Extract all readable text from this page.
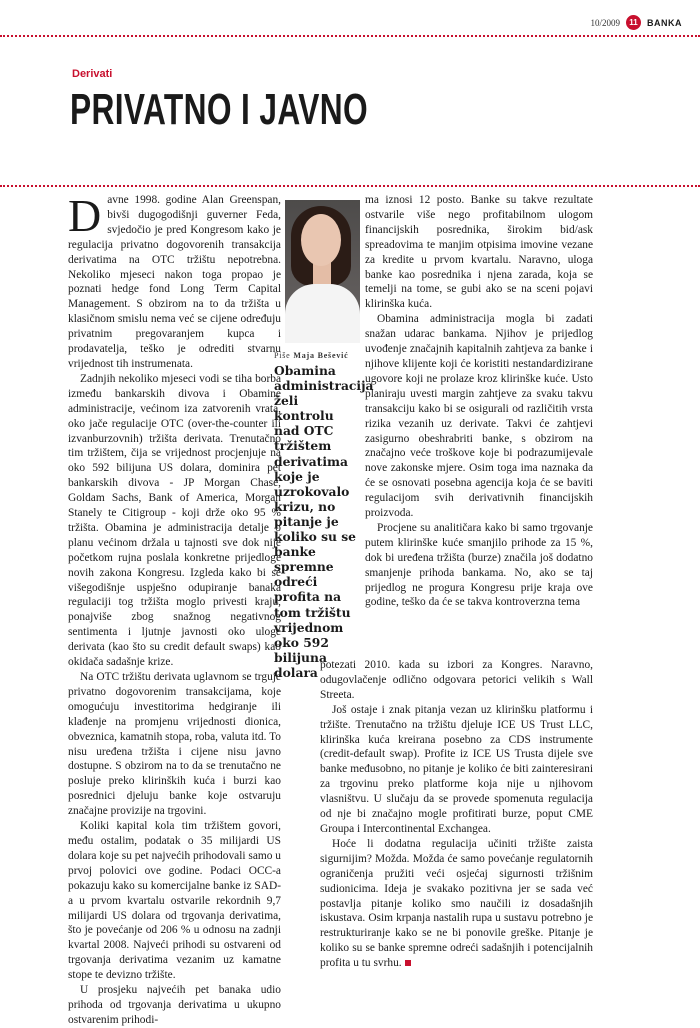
10/2009	11	BANKA
Derivati
PRIVATNO I JAVNO

Davne 1998. godine Alan Greenspan, bivši dugogodišnji guverner Feda, svjedočio je pred Kongresom kako je regulacija privatno dogovorenih transakcija derivatima na OTC tržištu nepotrebna. Nekoliko mjeseci nakon toga propao je poznati hedge fond Long Term Capital Management. S obzirom na to da tržišta u klasičnom smislu nema već se cijene određuju privatnim pregovaranjem kupca i prodavatelja, teško je odrediti stvarnu vrijednost tih instrumenata.

Zadnjih nekoliko mjeseci vodi se tiha borba između bankarskih divova i Obamine administracije, većinom iza zatvorenih vrata, oko jače regulacije OTC (over-the-counter ili izvanburzovnih) tržišta derivata. Trenutačno tim tržištem, čija se vrijednost procjenjuje na oko 592 bilijuna US dolara, dominira pet bankarskih divova - JP Morgan Chase, Goldam Sachs, Bank of America, Morgan Stanely te Citigroup - koji drže oko 95 % tržišta. Obamina je administracija detalje o planu većinom držala u tajnosti sve dok nije početkom rujna poslala konkretne prijedloge novih zakona Kongresu. Izgleda kako bi se višegodišnje uspješno odupiranje banaka regulaciji tog tržišta moglo privesti kraju, ponajviše zbog snažnog negativnog sentimenta i ljutnje javnosti oko uloge derivata (kao što su credit default swaps) kao okidača sadašnje krize.

Na OTC tržištu derivata uglavnom se trguje privatno dogovorenim transakcijama, koje omogućuju investitorima hedgiranje ili klađenje na promjenu vrijednosti dionica, obveznica, kamatnih stopa, roba, valuta itd. To nisu uređena tržišta i cijene nisu javno dostupne. S obzirom na to da se trenutačno ne posluje preko klirinških kuća i burzi kao posrednici djeluju banke koje ostvaruju značajne provizije na trgovini.

Koliki kapital kola tim tržištem govori, među ostalim, podatak o 35 milijardi US dolara koje su pet najvećih prihodovali samo u prvoj polovici ove godine. Podaci OCC-a pokazuju kako su komercijalne banke iz SAD-a u prvom kvartalu ostvarile rekordnih 9,7 milijardi US dolara od trgovanja derivatima, što je povećanje od 206 % u odnosu na zadnji kvartal 2008. Najveći prihodi su ostvareni od trgovanja derivatima vezanim uz kamatne stope te devizno tržište.

U prosjeku najvećih pet banaka udio prihoda od trgovanja derivatima u ukupno ostvarenim prihodi-

Piše Maja Bešević
Obamina administracija želi kontrolu nad OTC tržištem derivatima koje je uzrokovalo krizu, no pitanje je koliko su se banke spremne odreći profita na tom tržištu vrijednom oko 592 bilijuna dolara

ma iznosi 12 posto. Banke su takve rezultate ostvarile više nego profitabilnom ulogom financijskih posrednika, širokim bid/ask spreadovima te manjim otpisima imovine vezane za kredite u prvom kvartalu. Naravno, uloga banke kao posrednika i njena zarada, koja se temelji na tome, se gubi ako se na sceni pojavi klirinška kuća.

Obamina administracija mogla bi zadati snažan udarac bankama. Njihov je prijedlog uvođenje značajnih kapitalnih zahtjeva za banke i njihove klijente koji će koristiti nestandardizirane ugovore koji ne prolaze kroz klirinške kuće. Usto planiraju uvesti margin zahtjeve za svaku takvu transakciju kako bi se osigurali od različitih vrsta rizika vezanih uz derivate. Takvi će zahtjevi zasigurno obeshrabriti banke, s obzirom na značajno veće troškove koje bi podrazumijevale nove zakonske mjere. Osim toga ima naznaka da će se osnovati posebna agencija koja će se baviti regulacijom svih derivativnih financijskih proizvoda.

Procjene su analitičara kako bi samo trgovanje putem klirinške kuće smanjilo prihode za 15 %, dok bi uređena tržišta (burze) značila još dodatno smanjenje prihoda bankama. No, ako se taj prijedlog ne progura Kongresu prije kraja ove godine, teško da će se takva kontroverzna tema

potezati 2010. kada su izbori za Kongres. Naravno, odugovlačenje odlično odgovara petorici velikih s Wall Streeta.

Još ostaje i znak pitanja vezan uz klirinšku platformu i tržište. Trenutačno na tržištu djeluje ICE US Trust LLC, klirinška kuća kreirana posebno za CDS instrumente (credit-default swap). Profite iz ICE US Trusta dijele sve banke međusobno, no pitanje je koliko će biti zainteresirani za trgovinu preko platforme koja nije u njihovom vlasništvu. U slučaju da se provede spomenuta regulacija od nje bi značajno mogle profitirati burze, poput CME Groupa i Intercontinental Exchangea.

Hoće li dodatna regulacija učiniti tržište zaista sigurnijim? Možda. Možda će samo povećanje regulatornih ograničenja pružiti veći osjećaj sigurnosti tržišnim sudionicima. Ideja je svakako pozitivna jer se sada već postavlja pitanje koliko smo naučili iz dosadašnjih iskustava. Osim krpanja nastalih rupa u sustavu potrebno je restrukturiranje kako se ne bi ponovile greške. Pitanje je koliko su se banke spremne odreći sadašnjih i potencijalnih profita u tu svrhu.
